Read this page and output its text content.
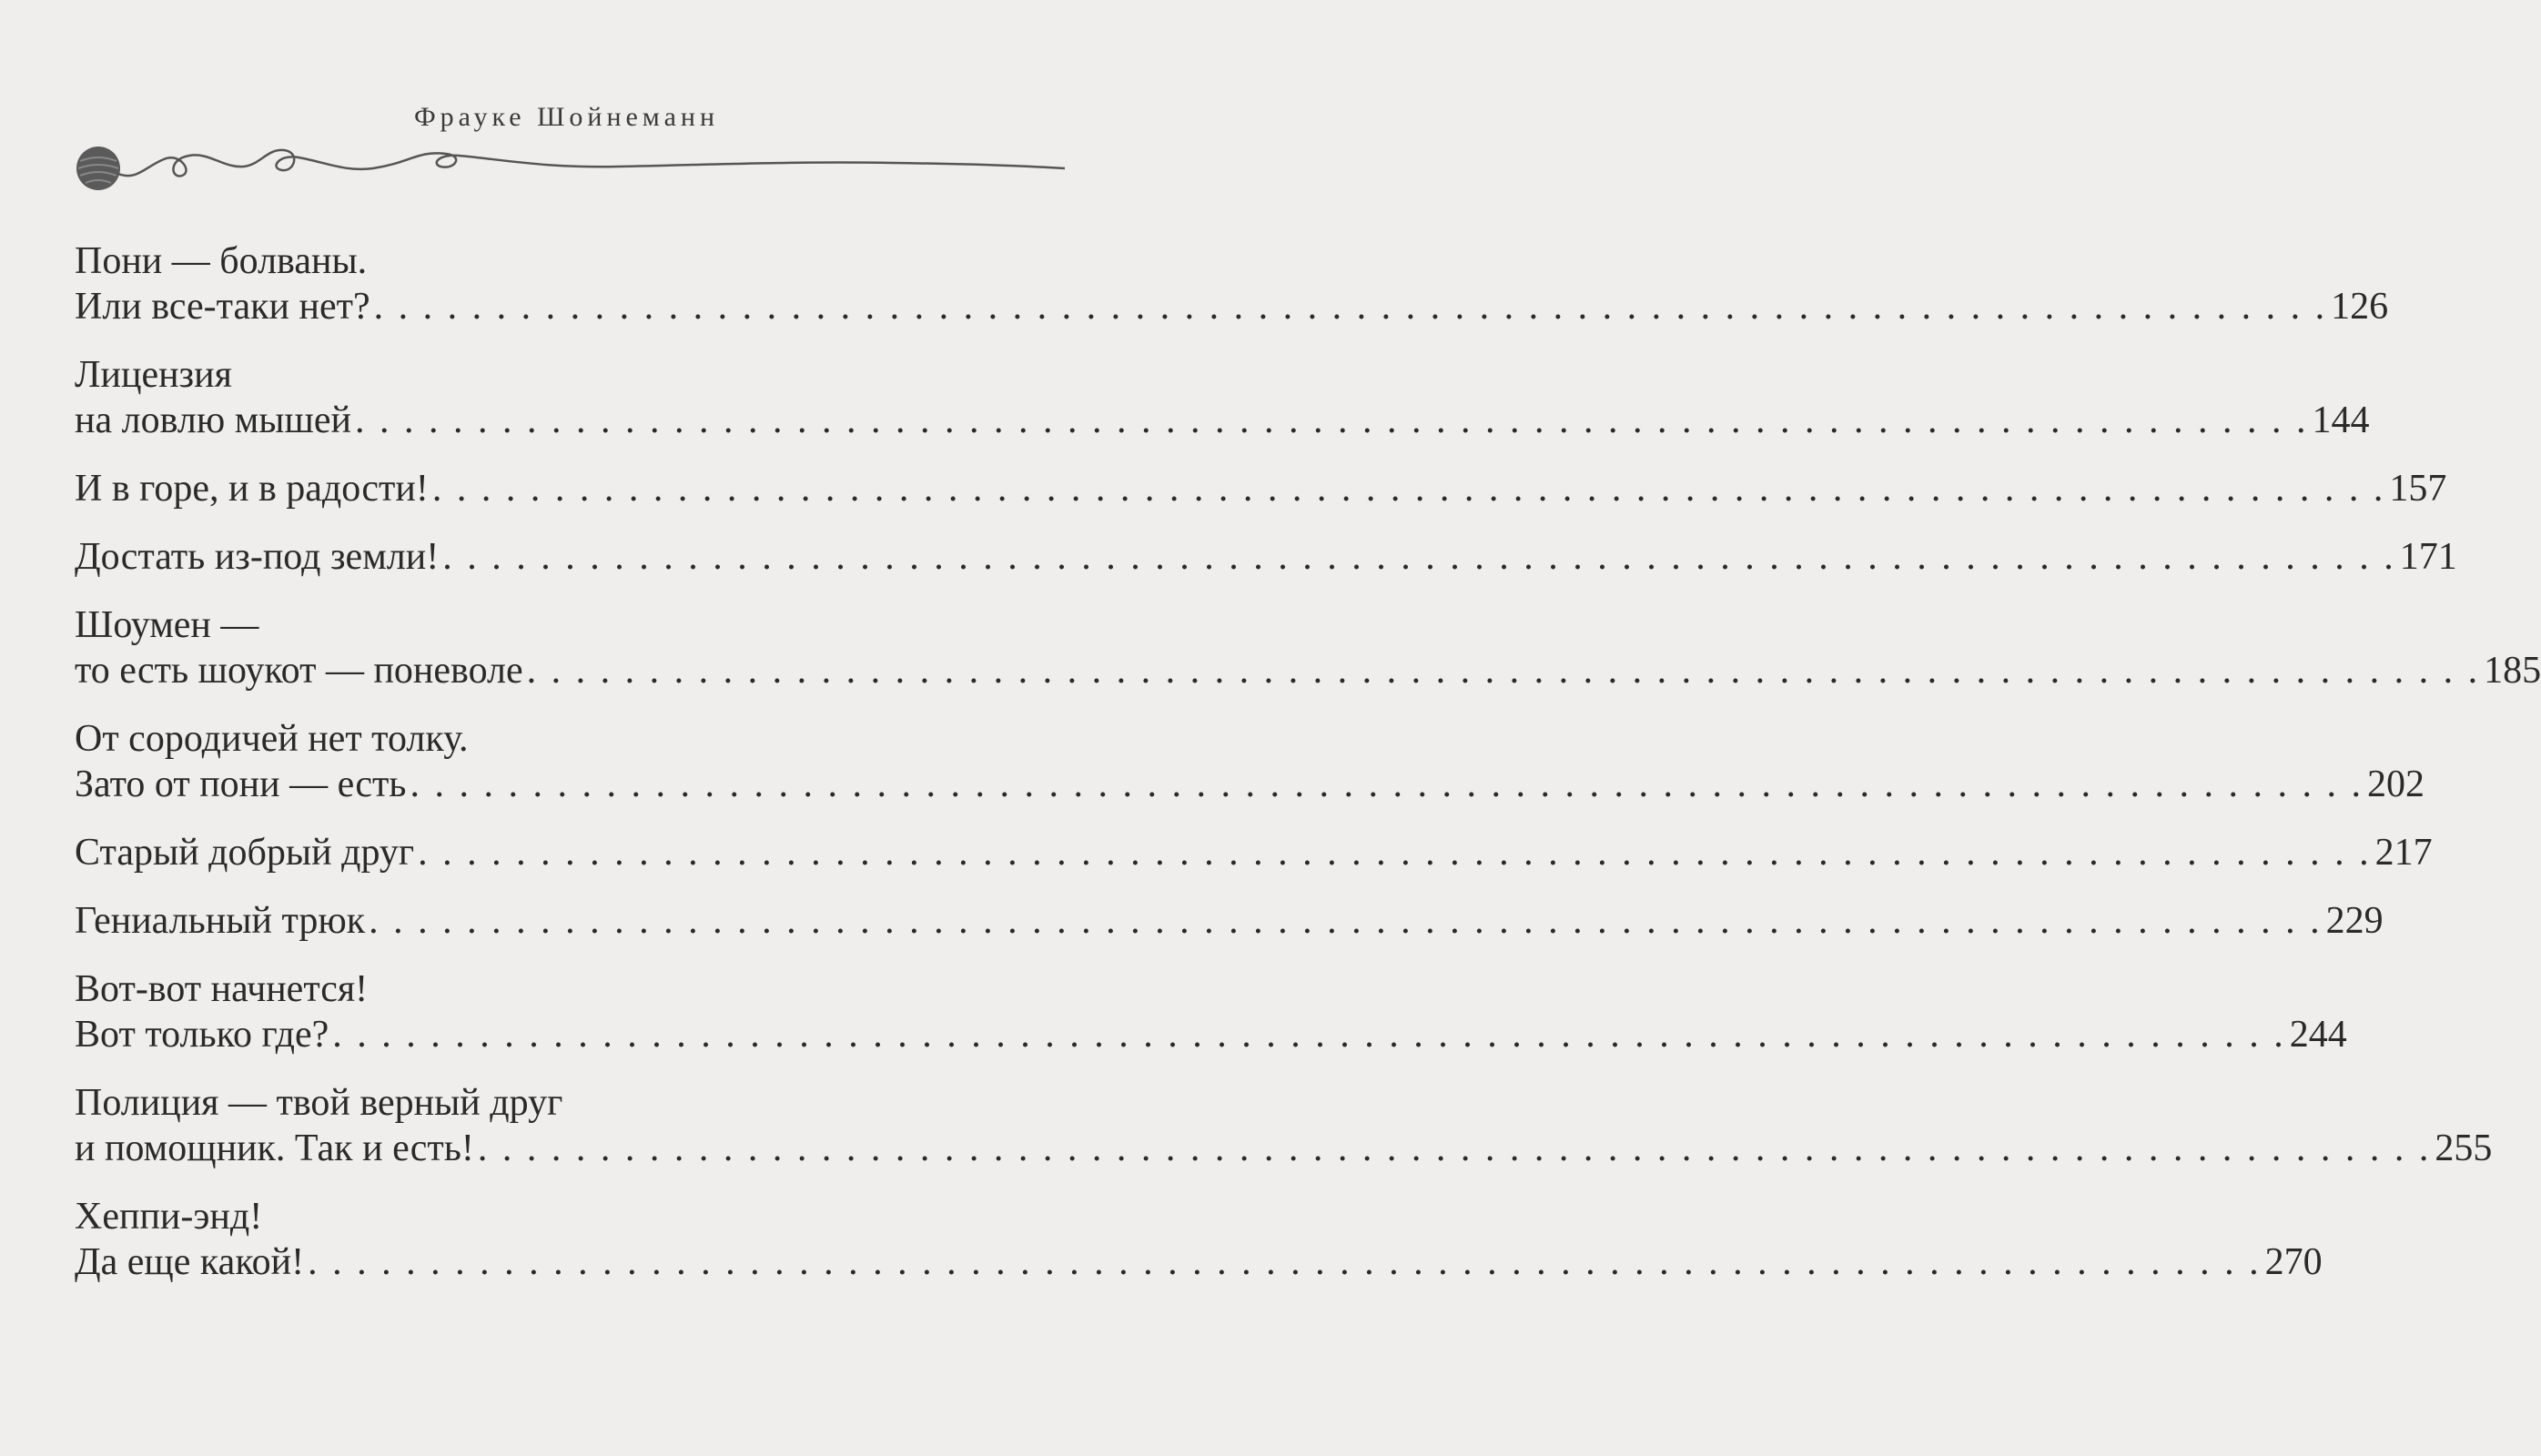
Фрауке Шойнеманн
Пони — болваны.
Или все-таки нет? . . . . . . . . . . . . . . . . . . . . . . . . . . . . . . . . . . . . . . . . . . . . . . . . . . . . . . . . . . . . . . . . . . . . . . . . . . . . . . . . 126
Лицензия
на ловлю мышей . . . . . . . . . . . . . . . . . . . . . . . . . . . . . . . . . . . . . . . . . . . . . . . . . . . . . . . . . . . . . . . . . . . . . . . . . . . . . . . . 144
И в горе, и в радости! . . . . . . . . . . . . . . . . . . . . . . . . . . . . . . . . . . . . . . . . . . . . . . . . . . . . . . . . . . . . . . . . . . . . . . . . . . . . . . . . 157
Достать из-под земли! . . . . . . . . . . . . . . . . . . . . . . . . . . . . . . . . . . . . . . . . . . . . . . . . . . . . . . . . . . . . . . . . . . . . . . . . . . . . . . . . 171
Шоумен —
то есть шоукот — поневоле . . . . . . . . . . . . . . . . . . . . . . . . . . . . . . . . . . . . . . . . . . . . . . . . . . . . . . . . . . . . . . . . . . . . . . . . . . . . . . . . 185
От сородичей нет толку.
Зато от пони — есть . . . . . . . . . . . . . . . . . . . . . . . . . . . . . . . . . . . . . . . . . . . . . . . . . . . . . . . . . . . . . . . . . . . . . . . . . . . . . . . . 202
Старый добрый друг . . . . . . . . . . . . . . . . . . . . . . . . . . . . . . . . . . . . . . . . . . . . . . . . . . . . . . . . . . . . . . . . . . . . . . . . . . . . . . . . 217
Гениальный трюк . . . . . . . . . . . . . . . . . . . . . . . . . . . . . . . . . . . . . . . . . . . . . . . . . . . . . . . . . . . . . . . . . . . . . . . . . . . . . . . . 229
Вот-вот начнется!
Вот только где? . . . . . . . . . . . . . . . . . . . . . . . . . . . . . . . . . . . . . . . . . . . . . . . . . . . . . . . . . . . . . . . . . . . . . . . . . . . . . . . . 244
Полиция — твой верный друг
и помощник. Так и есть! . . . . . . . . . . . . . . . . . . . . . . . . . . . . . . . . . . . . . . . . . . . . . . . . . . . . . . . . . . . . . . . . . . . . . . . . . . . . . . . . 255
Хеппи-энд!
Да еще какой! . . . . . . . . . . . . . . . . . . . . . . . . . . . . . . . . . . . . . . . . . . . . . . . . . . . . . . . . . . . . . . . . . . . . . . . . . . . . . . . . 270
